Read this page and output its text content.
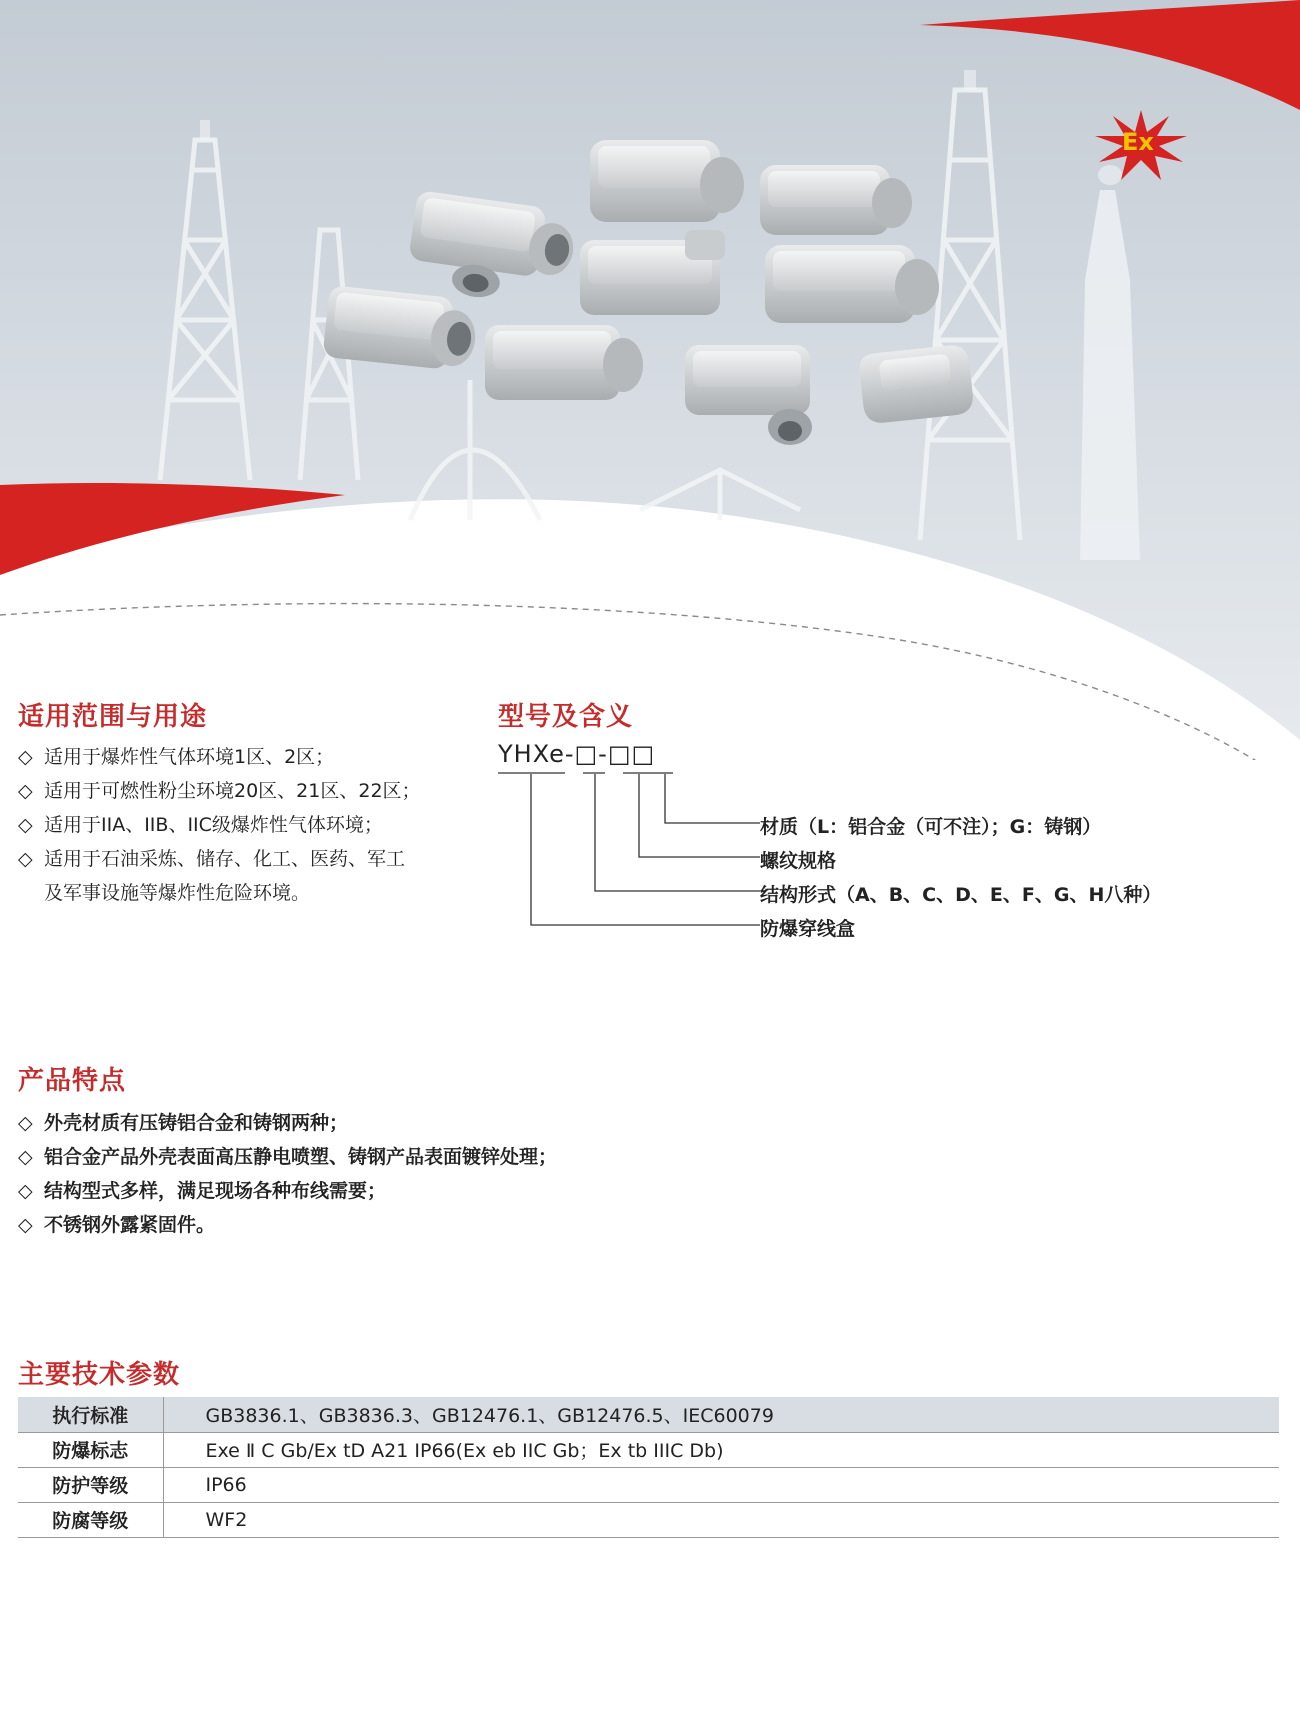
Ex
适用范围与用途
◇ 适用于爆炸性气体环境1区、2区；
◇ 适用于可燃性粉尘环境20区、21区、22区；
◇ 适用于IIA、IIB、IIC级爆炸性气体环境；
◇ 适用于石油采炼、储存、化工、医药、军工
及军事设施等爆炸性危险环境。
型号及含义
YHXe-□-□□
材质（L：铝合金（可不注）；G：铸钢）
螺纹规格
结构形式（A、B、C、D、E、F、G、H八种）
防爆穿线盒
产品特点
◇ 外壳材质有压铸铝合金和铸钢两种；
◇ 铝合金产品外壳表面高压静电喷塑、铸钢产品表面镀锌处理；
◇ 结构型式多样，满足现场各种布线需要；
◇ 不锈钢外露紧固件。
主要技术参数
执行标准	GB3836.1、GB3836.3、GB12476.1、GB12476.5、IEC60079
防爆标志	Exe Ⅱ C Gb/Ex tD A21 IP66(Ex eb IIC Gb；Ex tb IIIC Db)
防护等级	IP66
防腐等级	WF2
